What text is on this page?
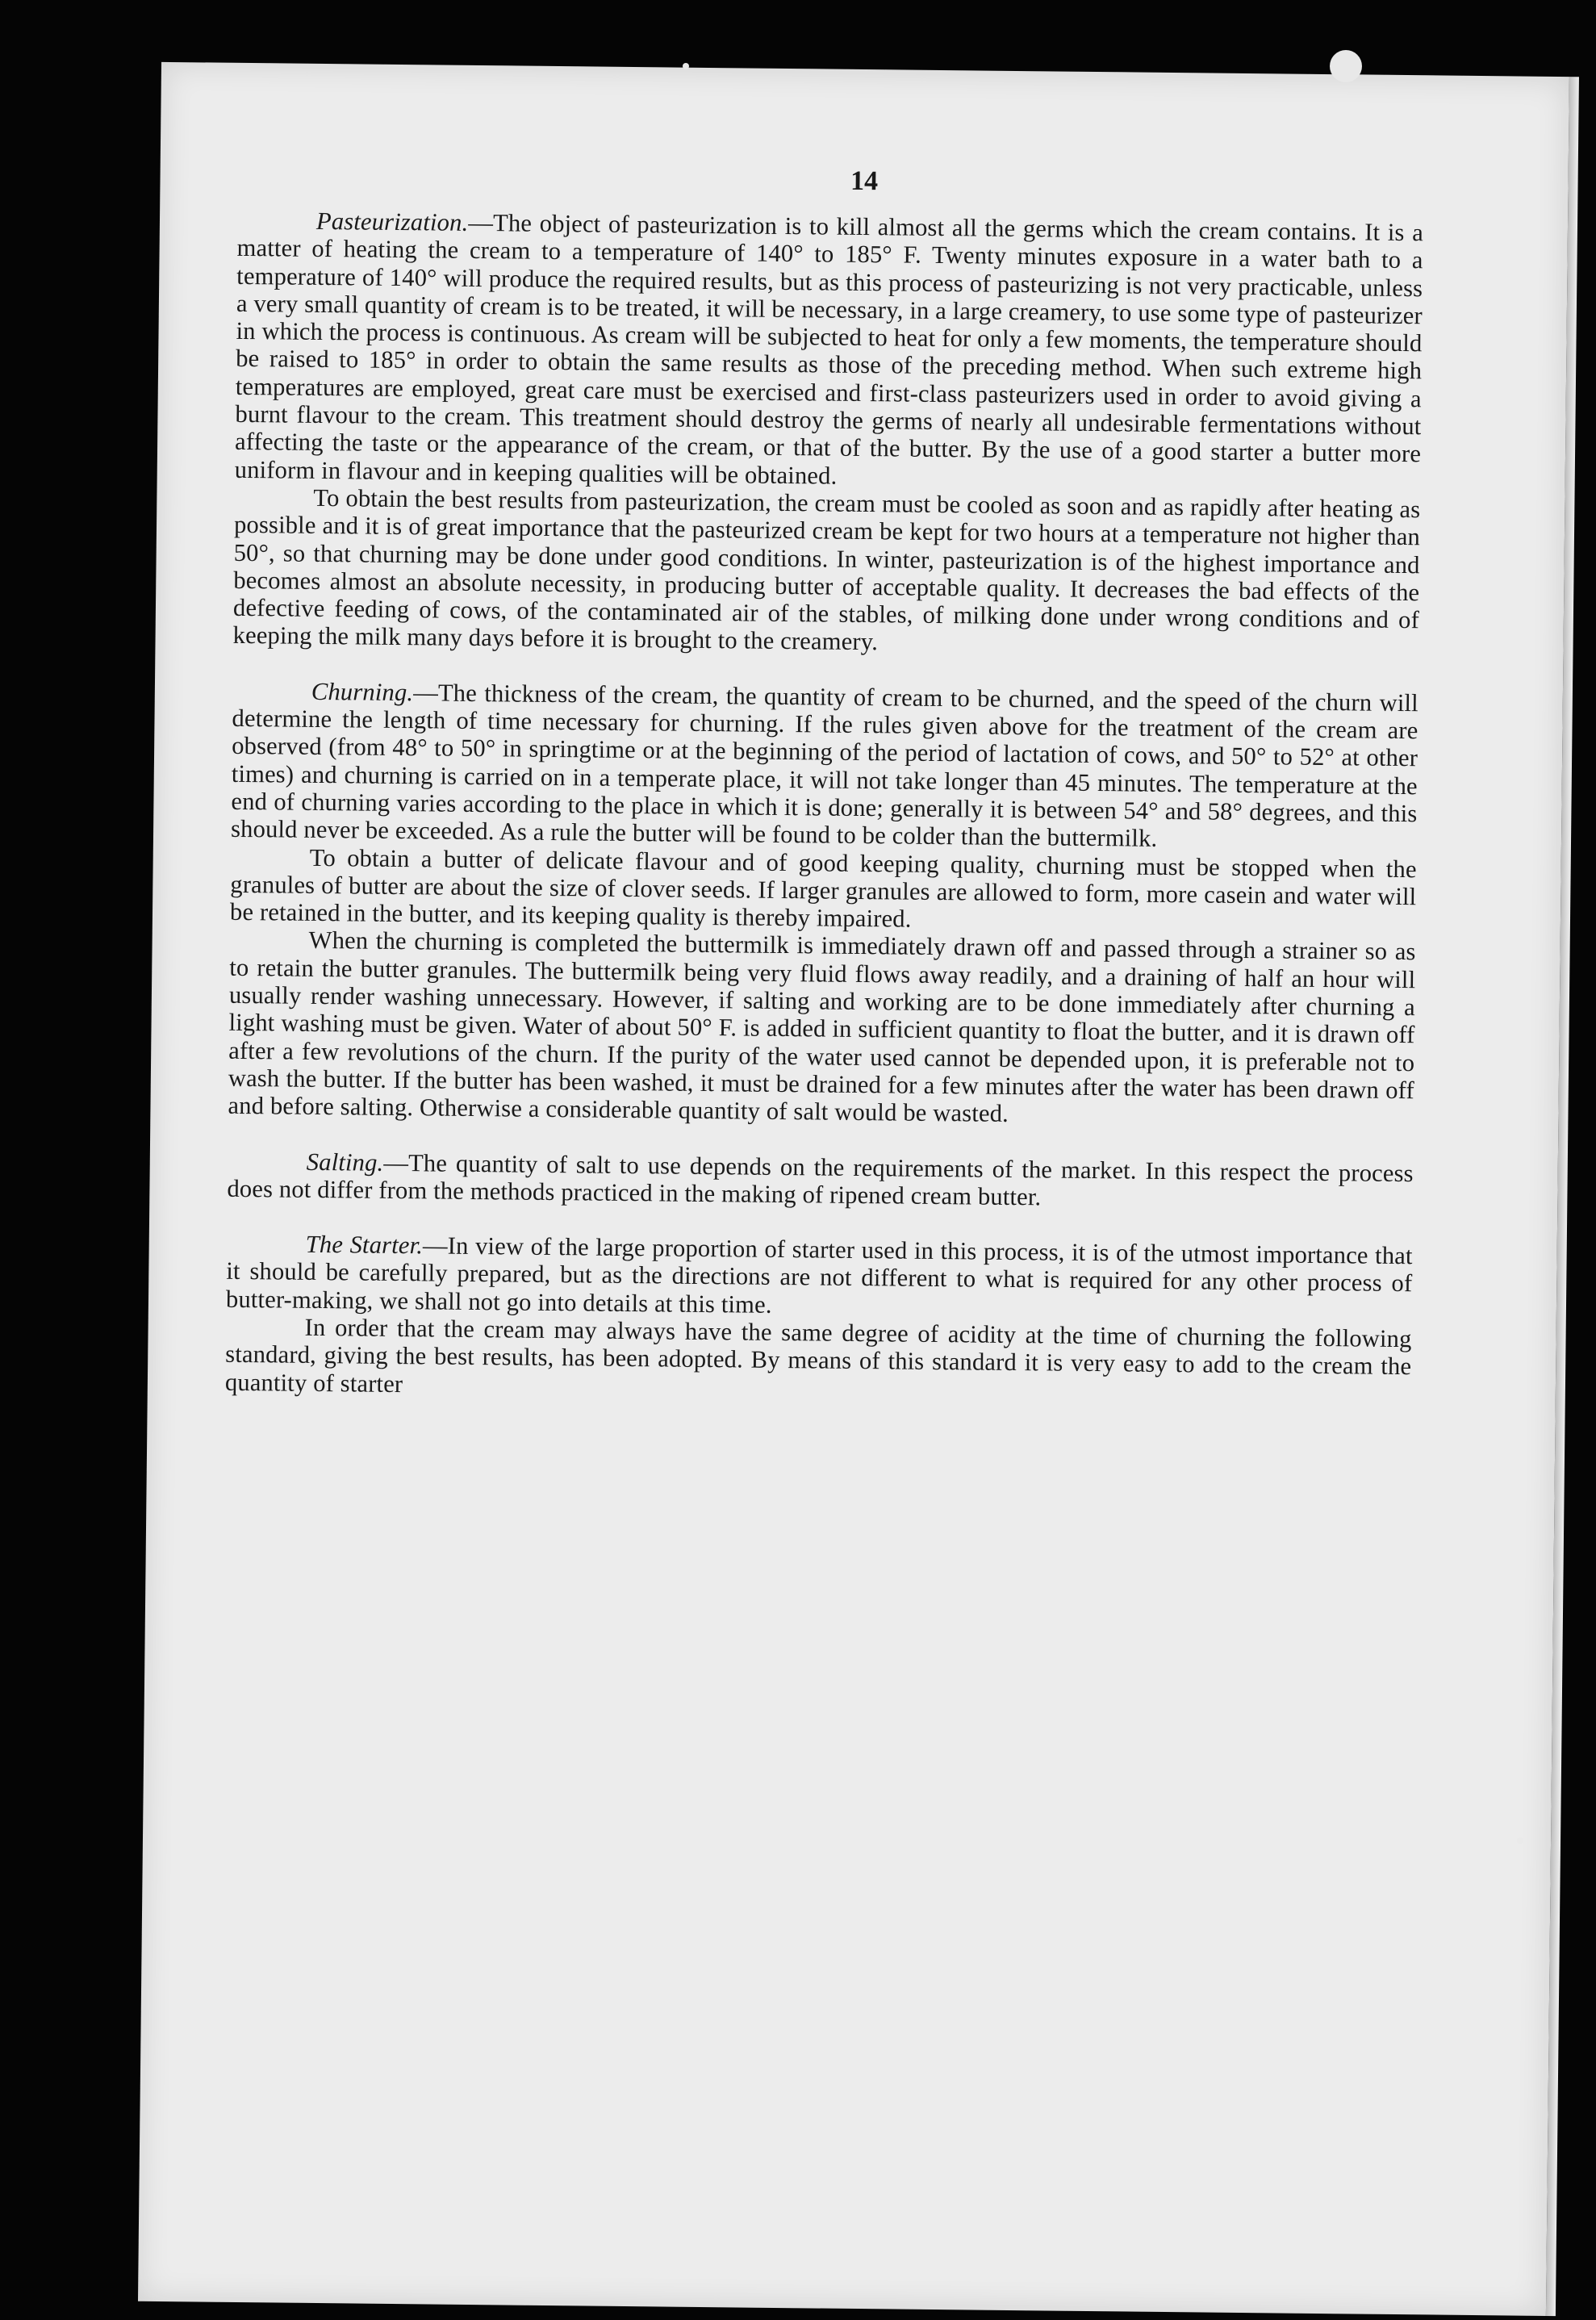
14

Pasteurization.—The object of pasteurization is to kill almost all the germs which the cream contains. It is a matter of heating the cream to a temperature of 140° to 185° F. Twenty minutes exposure in a water bath to a temperature of 140° will produce the required results, but as this process of pasteurizing is not very practicable, unless a very small quantity of cream is to be treated, it will be necessary, in a large creamery, to use some type of pasteurizer in which the process is continuous. As cream will be subjected to heat for only a few moments, the temperature should be raised to 185° in order to obtain the same results as those of the preceding method. When such extreme high temperatures are employed, great care must be exercised and first-class pasteurizers used in order to avoid giving a burnt flavour to the cream. This treatment should destroy the germs of nearly all undesirable fermentations without affecting the taste or the appearance of the cream, or that of the butter. By the use of a good starter a butter more uniform in flavour and in keeping qualities will be obtained.

To obtain the best results from pasteurization, the cream must be cooled as soon and as rapidly after heating as possible and it is of great importance that the pasteurized cream be kept for two hours at a temperature not higher than 50°, so that churning may be done under good conditions. In winter, pasteurization is of the highest importance and becomes almost an absolute necessity, in producing butter of acceptable quality. It decreases the bad effects of the defective feeding of cows, of the contaminated air of the stables, of milking done under wrong conditions and of keeping the milk many days before it is brought to the creamery.

Churning.—The thickness of the cream, the quantity of cream to be churned, and the speed of the churn will determine the length of time necessary for churning. If the rules given above for the treatment of the cream are observed (from 48° to 50° in springtime or at the beginning of the period of lactation of cows, and 50° to 52° at other times) and churning is carried on in a temperate place, it will not take longer than 45 minutes. The temperature at the end of churning varies according to the place in which it is done; generally it is between 54° and 58° degrees, and this should never be exceeded. As a rule the butter will be found to be colder than the buttermilk.

To obtain a butter of delicate flavour and of good keeping quality, churning must be stopped when the granules of butter are about the size of clover seeds. If larger granules are allowed to form, more casein and water will be retained in the butter, and its keeping quality is thereby impaired.

When the churning is completed the buttermilk is immediately drawn off and passed through a strainer so as to retain the butter granules. The buttermilk being very fluid flows away readily, and a draining of half an hour will usually render washing unnecessary. However, if salting and working are to be done immediately after churning a light washing must be given. Water of about 50° F. is added in sufficient quantity to float the butter, and it is drawn off after a few revolutions of the churn. If the purity of the water used cannot be depended upon, it is preferable not to wash the butter. If the butter has been washed, it must be drained for a few minutes after the water has been drawn off and before salting. Otherwise a considerable quantity of salt would be wasted.

Salting.—The quantity of salt to use depends on the requirements of the market. In this respect the process does not differ from the methods practiced in the making of ripened cream butter.

The Starter.—In view of the large proportion of starter used in this process, it is of the utmost importance that it should be carefully prepared, but as the directions are not different to what is required for any other process of butter-making, we shall not go into details at this time.

In order that the cream may always have the same degree of acidity at the time of churning the following standard, giving the best results, has been adopted. By means of this standard it is very easy to add to the cream the quantity of starter
